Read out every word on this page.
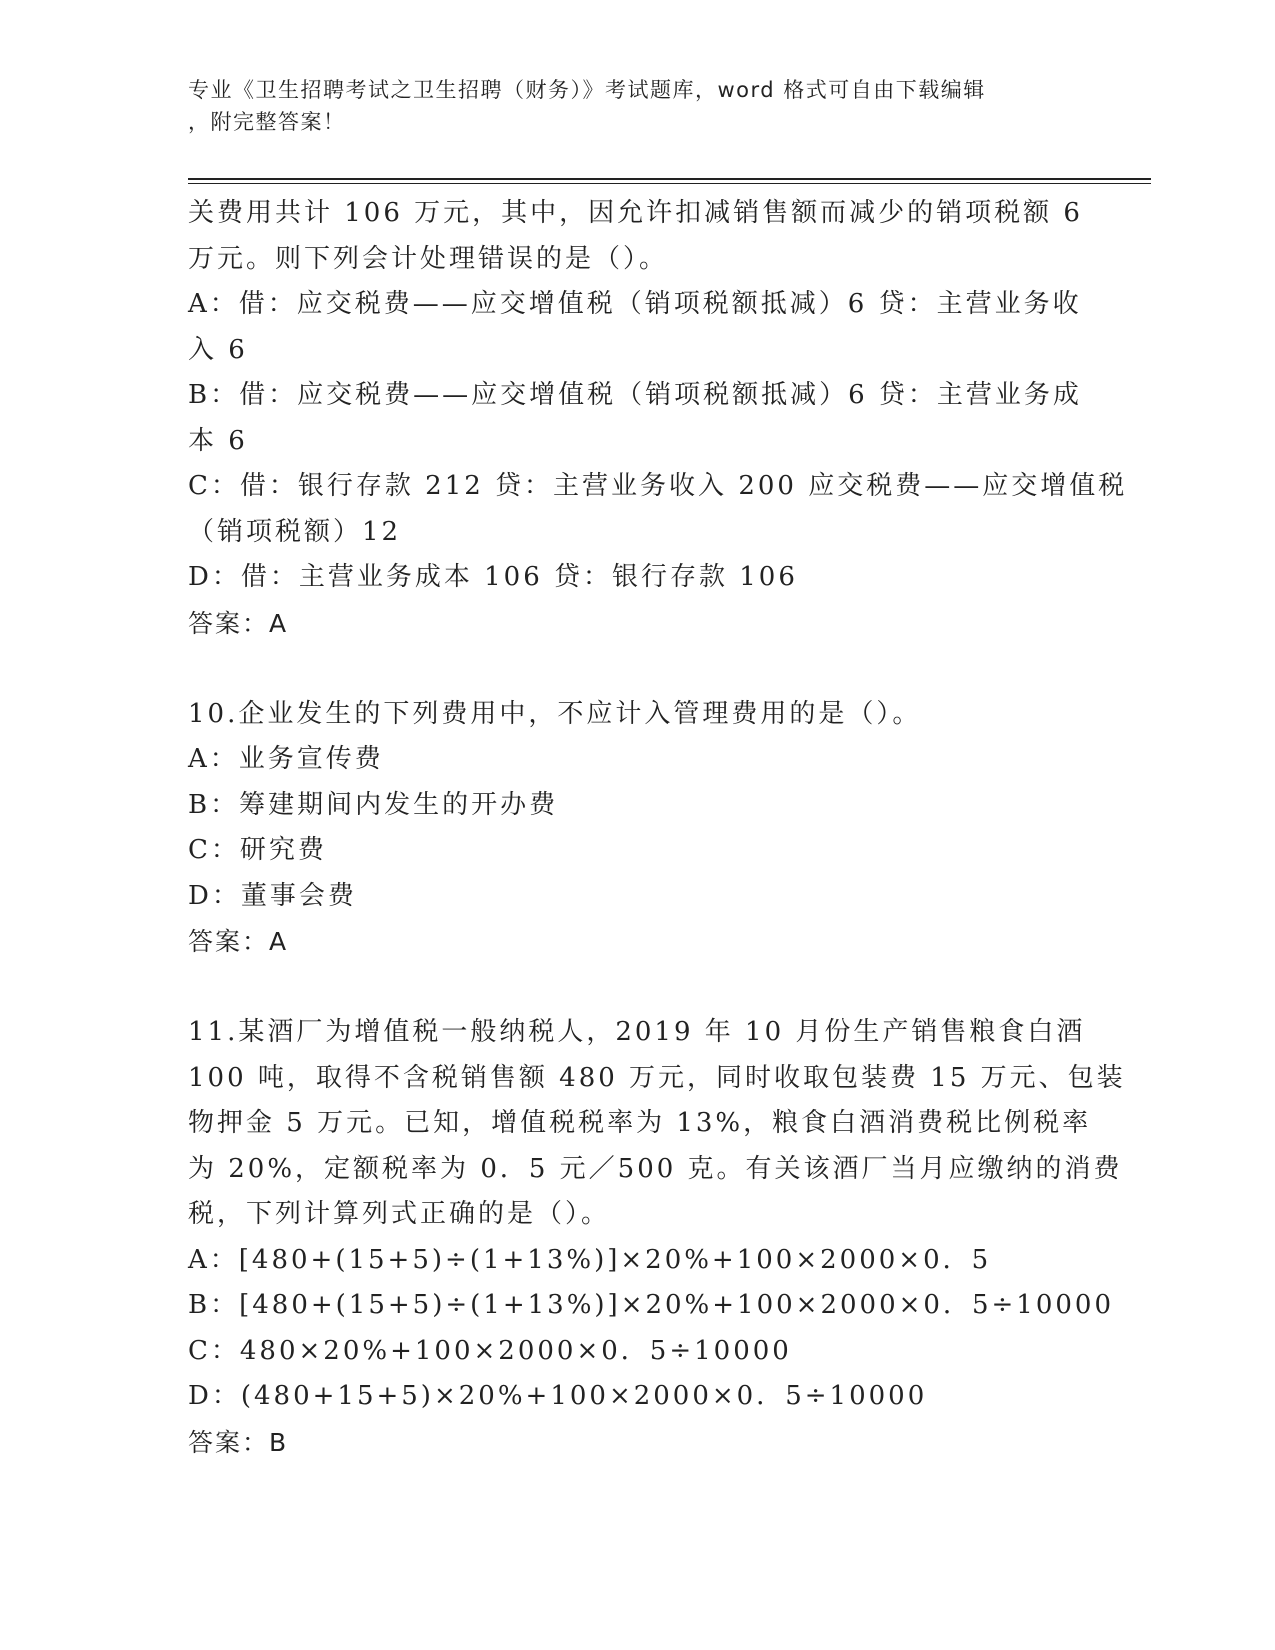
专业《卫生招聘考试之卫生招聘（财务）》考试题库，word 格式可自由下载编辑
，附完整答案！
关费用共计 106 万元，其中，因允许扣减销售额而减少的销项税额 6
万元。则下列会计处理错误的是（）。
A：借：应交税费——应交增值税（销项税额抵减）6 贷：主营业务收
入 6
B：借：应交税费——应交增值税（销项税额抵减）6 贷：主营业务成
本 6
C：借：银行存款 212 贷：主营业务收入 200 应交税费——应交增值税
（销项税额）12
D：借：主营业务成本 106 贷：银行存款 106
答案：A
10.企业发生的下列费用中，不应计入管理费用的是（）。
A：业务宣传费
B：筹建期间内发生的开办费
C：研究费
D：董事会费
答案：A
11.某酒厂为增值税一般纳税人，2019 年 10 月份生产销售粮食白酒
100 吨，取得不含税销售额 480 万元，同时收取包装费 15 万元、包装
物押金 5 万元。已知，增值税税率为 13%，粮食白酒消费税比例税率
为 20%，定额税率为 0．5 元／500 克。有关该酒厂当月应缴纳的消费
税，下列计算列式正确的是（）。
A：[480+(15+5)÷(1+13%)]×20%+100×2000×0．5
B：[480+(15+5)÷(1+13%)]×20%+100×2000×0．5÷10000
C：480×20%+100×2000×0．5÷10000
D：(480+15+5)×20%+100×2000×0．5÷10000
答案：B
